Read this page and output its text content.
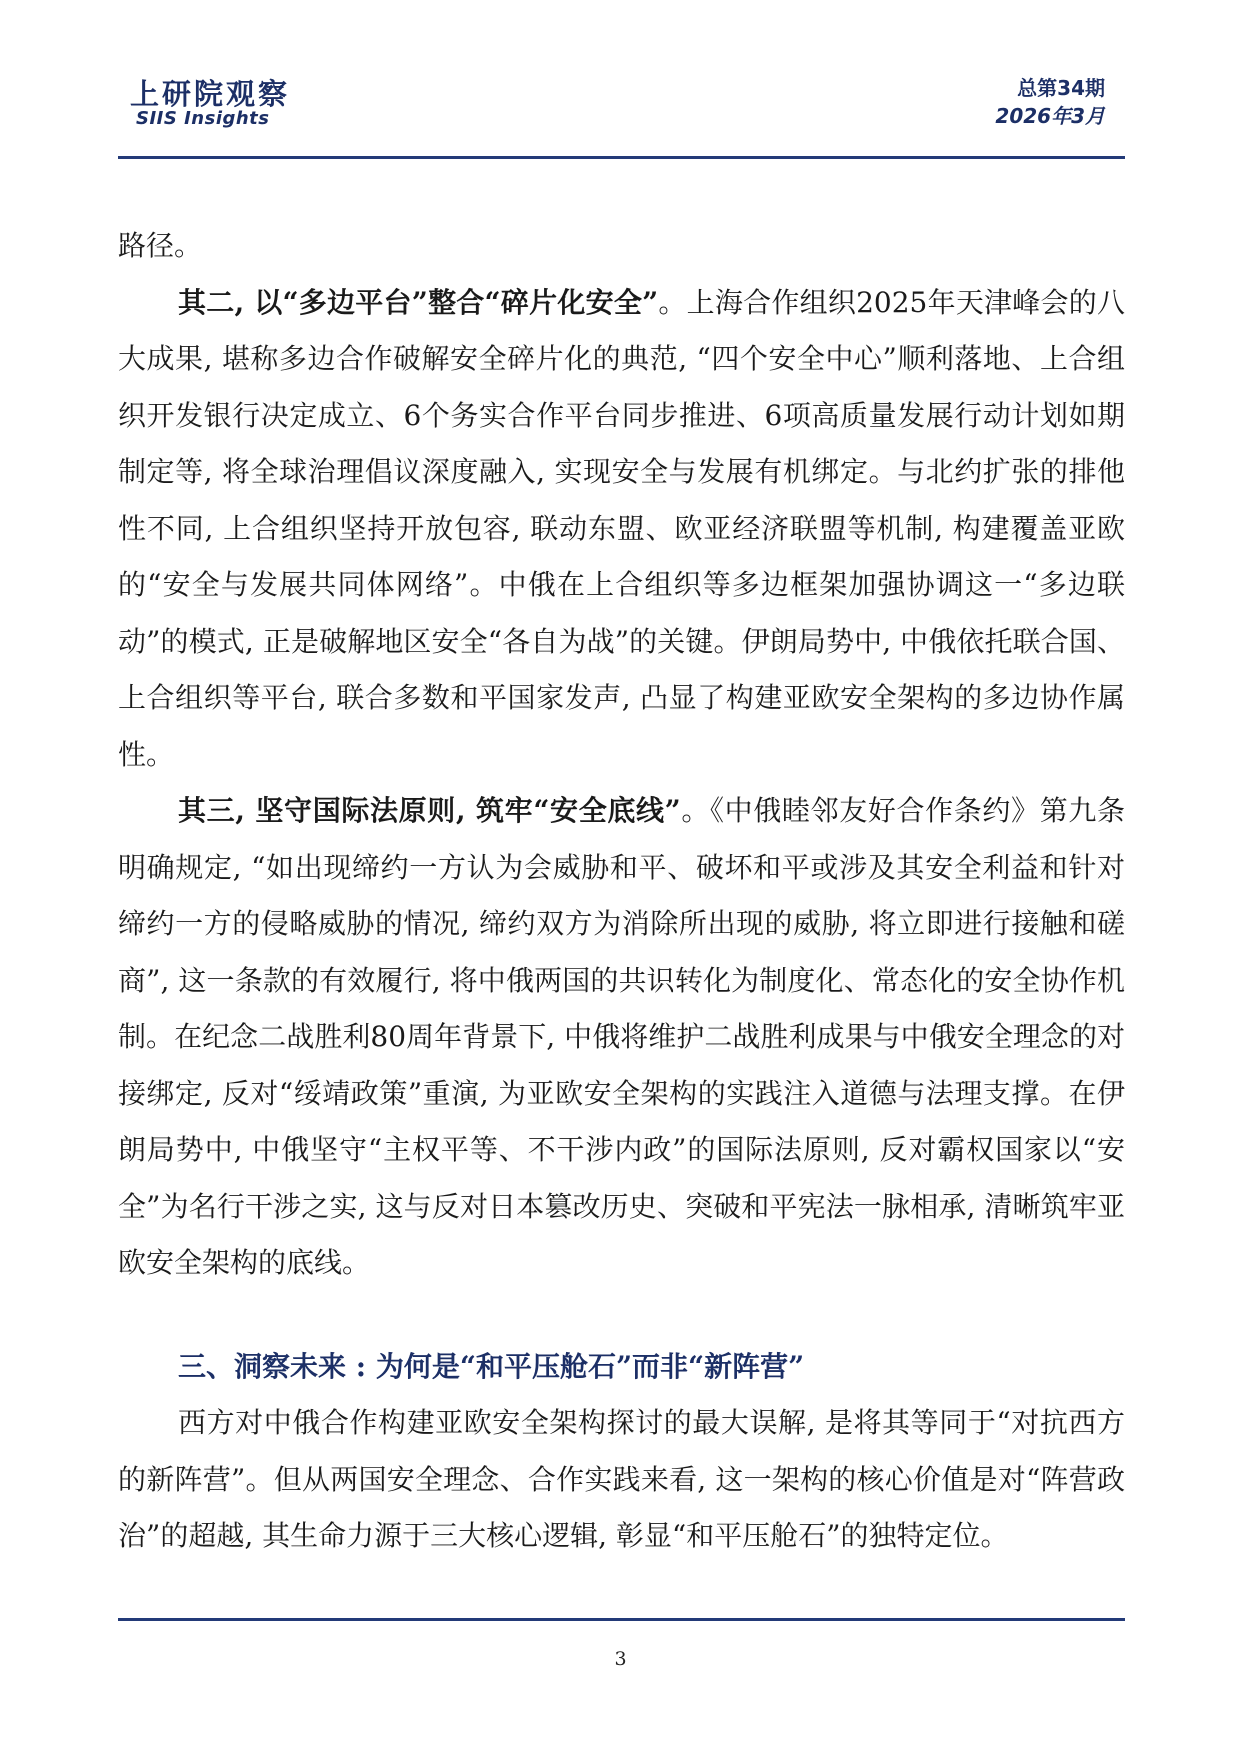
上研院观察
SIIS Insights
总第34期
2026年3月

路径。

其二, 以“多边平台”整合“碎片化安全”。上海合作组织2025年天津峰会的八大成果, 堪称多边合作破解安全碎片化的典范, “四个安全中心”顺利落地、上合组织开发银行决定成立、6个务实合作平台同步推进、6项高质量发展行动计划如期制定等, 将全球治理倡议深度融入, 实现安全与发展有机绑定。与北约扩张的排他性不同, 上合组织坚持开放包容, 联动东盟、欧亚经济联盟等机制, 构建覆盖亚欧的“安全与发展共同体网络”。中俄在上合组织等多边框架加强协调这一“多边联动”的模式, 正是破解地区安全“各自为战”的关键。伊朗局势中, 中俄依托联合国、上合组织等平台, 联合多数和平国家发声, 凸显了构建亚欧安全架构的多边协作属性。

其三, 坚守国际法原则, 筑牢“安全底线”。《中俄睦邻友好合作条约》第九条明确规定, “如出现缔约一方认为会威胁和平、破坏和平或涉及其安全利益和针对缔约一方的侵略威胁的情况, 缔约双方为消除所出现的威胁, 将立即进行接触和磋商”, 这一条款的有效履行, 将中俄两国的共识转化为制度化、常态化的安全协作机制。在纪念二战胜利80周年背景下, 中俄将维护二战胜利成果与中俄安全理念的对接绑定, 反对“绥靖政策”重演, 为亚欧安全架构的实践注入道德与法理支撑。在伊朗局势中, 中俄坚守“主权平等、不干涉内政”的国际法原则, 反对霸权国家以“安全”为名行干涉之实, 这与反对日本篡改历史、突破和平宪法一脉相承, 清晰筑牢亚欧安全架构的底线。

三、洞察未来 : 为何是“和平压舱石”而非“新阵营”

西方对中俄合作构建亚欧安全架构探讨的最大误解, 是将其等同于“对抗西方的新阵营”。但从两国安全理念、合作实践来看, 这一架构的核心价值是对“阵营政治”的超越, 其生命力源于三大核心逻辑, 彰显“和平压舱石”的独特定位。

3
